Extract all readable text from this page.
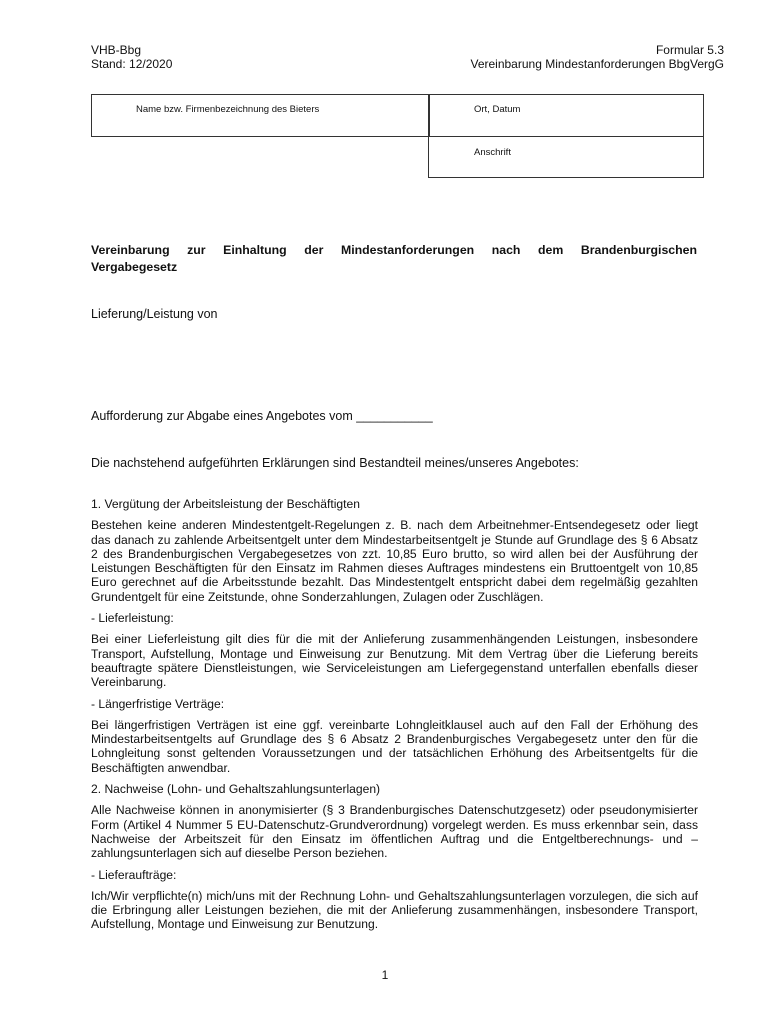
VHB-Bbg
Stand: 12/2020
Formular 5.3
Vereinbarung Mindestanforderungen BbgVergG
Name bzw. Firmenbezeichnung des Bieters	Ort, Datum
Anschrift
Vereinbarung zur Einhaltung der Mindestanforderungen nach dem Brandenburgischen
Vergabegesetz
Lieferung/Leistung von
Aufforderung zur Abgabe eines Angebotes vom ___________
Die nachstehend aufgeführten Erklärungen sind Bestandteil meines/unseres Angebotes:

1. Vergütung der Arbeitsleistung der Beschäftigten

Bestehen keine anderen Mindestentgelt-Regelungen z. B. nach dem Arbeitnehmer-Entsendegesetz oder liegt das danach zu zahlende Arbeitsentgelt unter dem Mindestarbeitsentgelt je Stunde auf Grundlage des § 6 Absatz 2 des Brandenburgischen Vergabegesetzes von zzt. 10,85 Euro brutto, so wird allen bei der Ausführung der Leistungen Beschäftigten für den Einsatz im Rahmen dieses Auftrages mindestens ein Bruttoentgelt von 10,85 Euro gerechnet auf die Arbeitsstunde bezahlt. Das Mindestentgelt entspricht dabei dem regelmäßig gezahlten Grundentgelt für eine Zeitstunde, ohne Sonderzahlungen, Zulagen oder Zuschlägen.

- Lieferleistung:

Bei einer Lieferleistung gilt dies für die mit der Anlieferung zusammenhängenden Leistungen, insbesondere Transport, Aufstellung, Montage und Einweisung zur Benutzung. Mit dem Vertrag über die Lieferung bereits beauftragte spätere Dienstleistungen, wie Serviceleistungen am Liefergegenstand unterfallen ebenfalls dieser Vereinbarung.

- Längerfristige Verträge:

Bei längerfristigen Verträgen ist eine ggf. vereinbarte Lohngleitklausel auch auf den Fall der Erhöhung des Mindestarbeitsentgelts auf Grundlage des § 6 Absatz 2 Brandenburgisches Vergabegesetz unter den für die Lohngleitung sonst geltenden Voraussetzungen und der tatsächlichen Erhöhung des Arbeitsentgelts für die Beschäftigten anwendbar.

2. Nachweise (Lohn- und Gehaltszahlungsunterlagen)

Alle Nachweise können in anonymisierter (§ 3 Brandenburgisches Datenschutzgesetz) oder pseudonymisierter Form (Artikel 4 Nummer 5 EU-Datenschutz-Grundverordnung) vorgelegt werden. Es muss erkennbar sein, dass Nachweise der Arbeitszeit für den Einsatz im öffentlichen Auftrag und die Entgeltberechnungs- und –zahlungsunterlagen sich auf dieselbe Person beziehen.

- Lieferaufträge:

Ich/Wir verpflichte(n) mich/uns mit der Rechnung Lohn- und Gehaltszahlungsunterlagen vorzulegen, die sich auf die Erbringung aller Leistungen beziehen, die mit der Anlieferung zusammenhängen, insbesondere Transport, Aufstellung, Montage und Einweisung zur Benutzung.

1
